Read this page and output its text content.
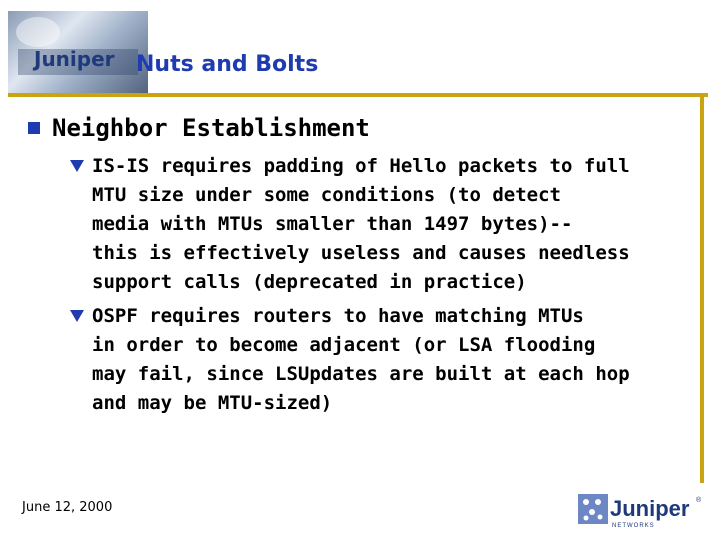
Juniper Nuts and Bolts
Neighbor Establishment
IS-IS requires padding of Hello packets to full
MTU size under some conditions (to detect
media with MTUs smaller than 1497 bytes)--
this is effectively useless and causes needless
support calls (deprecated in practice)
OSPF requires routers to have matching MTUs
in order to become adjacent (or LSA flooding
may fail, since LSUpdates are built at each hop
and may be MTU-sized)
June 12, 2000	Juniper
NETWORKS
®
